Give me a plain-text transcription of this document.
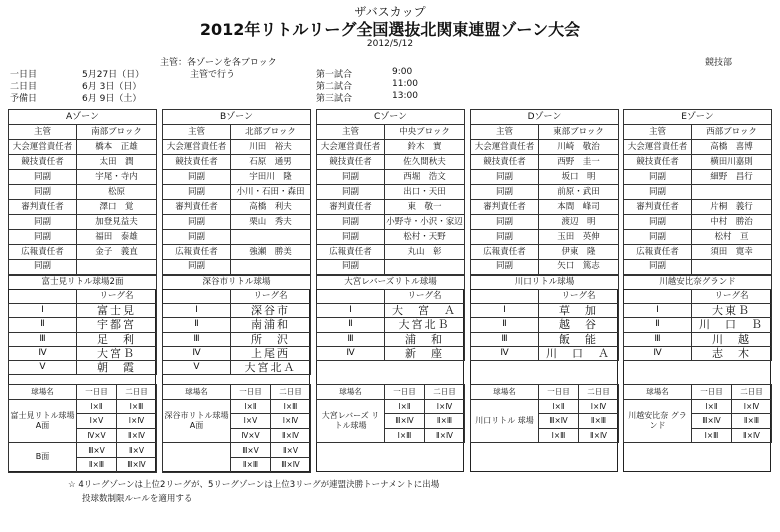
ザバスカップ
2012年リトルリーグ全国選抜北関東連盟ゾーン大会
2012/5/12
主管：各ゾーンを各ブロック
主管で行う
競技部
一日目	5月27日（日）
二日目	6月 3日（日）
予備日	6月 9日（土）
第一試合	9:00
第二試合	11:00
第三試合	13:00
Aゾーン	
主管	南部ブロック
大会運営責任者	橋本　正雄
競技責任者	太田　潤
同副	宇尾・寺内
同副	松原
審判責任者	澤口　覚
同副	加登見益夫
同副	福田　泰雄
広報責任者	金子　義直
同副	
富士見リトル球場2面	
Bゾーン	
主管	北部ブロック
大会運営責任者	川田　裕夫
競技責任者	石原　通男
同副	宇田川　隆
同副	小川・石田・森田
審判責任者	高橋　利夫
同副	栗山　秀夫
同副	
広報責任者	強瀬　勝美
同副	
深谷市リトル球場	
Cゾーン	
主管	中央ブロック
大会運営責任者	鈴木　實
競技責任者	佐久間秋夫
同副	西堀　浩文
同副	出口・天田
審判責任者	東　敬一
同副	小野寺・小沢・家辺
同副	松村・天野
広報責任者	丸山　彰
同副	
大宮レバーズリトル球場	
Dゾーン	
主管	東部ブロック
大会運営責任者	川崎　敬治
競技責任者	西野　圭一
同副	坂口　明
同副	前原・武田
審判責任者	本間　峰司
同副	渡辺　明
同副	玉田　英伸
広報責任者	伊東　隆
同副	矢口　篤志
川口リトル球場	
Eゾーン	
主管	西部ブロック
大会運営責任者	高橋　喜博
競技責任者	横田川嘉則
同副	細野　昌行
同副	
審判責任者	片桐　義行
同副	中村　勝治
同副	松村　亘
広報責任者	須田　寛幸
同副	
川越安比奈グランド	
	リーグ名
Ⅰ	富士見
Ⅱ	宇都宮
Ⅲ	足　利
Ⅳ	大宮Ｂ
Ⅴ	朝　霞
球場名	一日目	二日目
富士見リトル球場 A面	Ⅰ×Ⅱ	Ⅰ×Ⅲ
	Ⅰ×Ⅴ	Ⅰ×Ⅳ
	Ⅳ×Ⅴ	Ⅱ×Ⅳ
B面	Ⅲ×Ⅴ	Ⅱ×Ⅴ
	Ⅱ×Ⅲ	Ⅲ×Ⅳ
	リーグ名
Ⅰ	深谷市
Ⅱ	南浦和
Ⅲ	所　沢
Ⅳ	上尾西
Ⅴ	大宮北Ａ
球場名	一日目	二日目
深谷市リトル球場 A面	Ⅰ×Ⅱ	Ⅰ×Ⅲ
	Ⅰ×Ⅴ	Ⅰ×Ⅳ
	Ⅳ×Ⅴ	Ⅱ×Ⅳ
	Ⅲ×Ⅴ	Ⅱ×Ⅴ
	Ⅱ×Ⅲ	Ⅲ×Ⅳ
	リーグ名
Ⅰ	大　宮　Ａ
Ⅱ	大宮北Ｂ
Ⅲ	浦　和
Ⅳ	新　座
球場名	一日目	二日目
大宮レバーズ リトル球場	Ⅰ×Ⅱ	Ⅰ×Ⅳ
	Ⅲ×Ⅳ	Ⅱ×Ⅲ
	Ⅰ×Ⅲ	Ⅱ×Ⅳ
	リーグ名
Ⅰ	草　加
Ⅱ	越　谷
Ⅲ	飯　能
Ⅳ	川　口　Ａ
球場名	一日目	二日目
川口リトル 球場	Ⅰ×Ⅱ	Ⅰ×Ⅳ
	Ⅲ×Ⅳ	Ⅱ×Ⅲ
	Ⅰ×Ⅲ	Ⅱ×Ⅳ
	リーグ名
Ⅰ	大東Ｂ
Ⅱ	川　口　Ｂ
Ⅲ	川　越
Ⅳ	志　木
球場名	一日目	二日目
川越安比奈 グランド	Ⅰ×Ⅱ	Ⅰ×Ⅳ
	Ⅲ×Ⅳ	Ⅱ×Ⅲ
	Ⅰ×Ⅲ	Ⅱ×Ⅳ
☆ 4リーグゾーンは上位2リーグが、5リーグゾーンは上位3リーグが連盟決勝トーナメントに出場
投球数制限ルールを適用する
